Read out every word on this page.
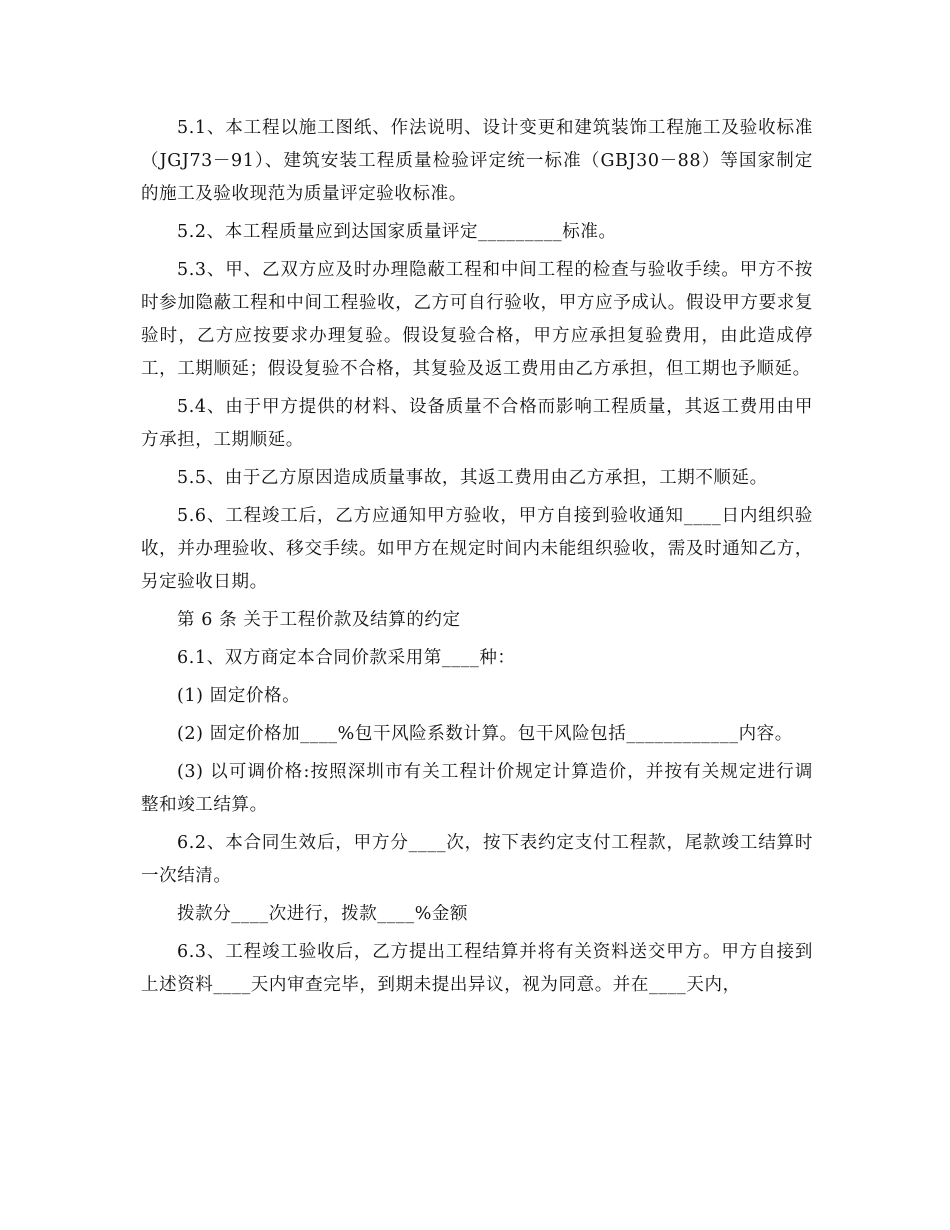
5.1、本工程以施工图纸、作法说明、设计变更和建筑装饰工程施工及验收标准（JGJ73－91）、建筑安装工程质量检验评定统一标准（GBJ30－88）等国家制定的施工及验收现范为质量评定验收标准。

5.2、本工程质量应到达国家质量评定_________标准。

5.3、甲、乙双方应及时办理隐蔽工程和中间工程的检查与验收手续。甲方不按时参加隐蔽工程和中间工程验收，乙方可自行验收，甲方应予成认。假设甲方要求复验时，乙方应按要求办理复验。假设复验合格，甲方应承担复验费用，由此造成停工，工期顺延；假设复验不合格，其复验及返工费用由乙方承担，但工期也予顺延。

5.4、由于甲方提供的材料、设备质量不合格而影响工程质量，其返工费用由甲方承担，工期顺延。

5.5、由于乙方原因造成质量事故，其返工费用由乙方承担，工期不顺延。

5.6、工程竣工后，乙方应通知甲方验收，甲方自接到验收通知____日内组织验收，并办理验收、移交手续。如甲方在规定时间内未能组织验收，需及时通知乙方，另定验收日期。

第 6 条 关于工程价款及结算的约定

6.1、双方商定本合同价款采用第____种：

(1) 固定价格。

(2) 固定价格加____%包干风险系数计算。包干风险包括____________内容。

(3) 以可调价格:按照深圳市有关工程计价规定计算造价，并按有关规定进行调整和竣工结算。

6.2、本合同生效后，甲方分____次，按下表约定支付工程款，尾款竣工结算时一次结清。

拨款分____次进行，拨款____%金额

6.3、工程竣工验收后，乙方提出工程结算并将有关资料送交甲方。甲方自接到上述资料____天内审查完毕，到期未提出异议，视为同意。并在____天内，
